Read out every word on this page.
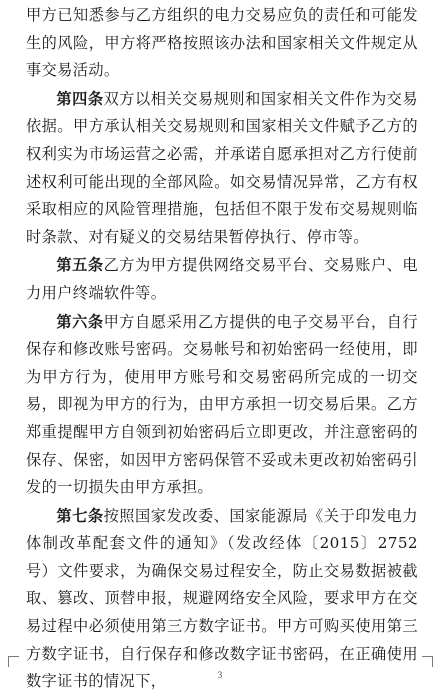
甲方已知悉参与乙方组织的电力交易应负的责任和可能发生的风险，甲方将严格按照该办法和国家相关文件规定从事交易活动。

第四条双方以相关交易规则和国家相关文件作为交易依据。甲方承认相关交易规则和国家相关文件赋予乙方的权利实为市场运营之必需，并承诺自愿承担对乙方行使前述权利可能出现的全部风险。如交易情况异常，乙方有权采取相应的风险管理措施，包括但不限于发布交易规则临时条款、对有疑义的交易结果暂停执行、停市等。

第五条乙方为甲方提供网络交易平台、交易账户、电力用户终端软件等。

第六条甲方自愿采用乙方提供的电子交易平台，自行保存和修改账号密码。交易帐号和初始密码一经使用，即为甲方行为，使用甲方账号和交易密码所完成的一切交易，即视为甲方的行为，由甲方承担一切交易后果。乙方郑重提醒甲方自领到初始密码后立即更改，并注意密码的保存、保密，如因甲方密码保管不妥或未更改初始密码引发的一切损失由甲方承担。

第七条按照国家发改委、国家能源局《关于印发电力体制改革配套文件的通知》（发改经体〔2015〕2752号）文件要求，为确保交易过程安全，防止交易数据被截取、篡改、顶替申报，规避网络安全风险，要求甲方在交易过程中必须使用第三方数字证书。甲方可购买使用第三方数字证书，自行保存和修改数字证书密码，在正确使用数字证书的情况下，	3
